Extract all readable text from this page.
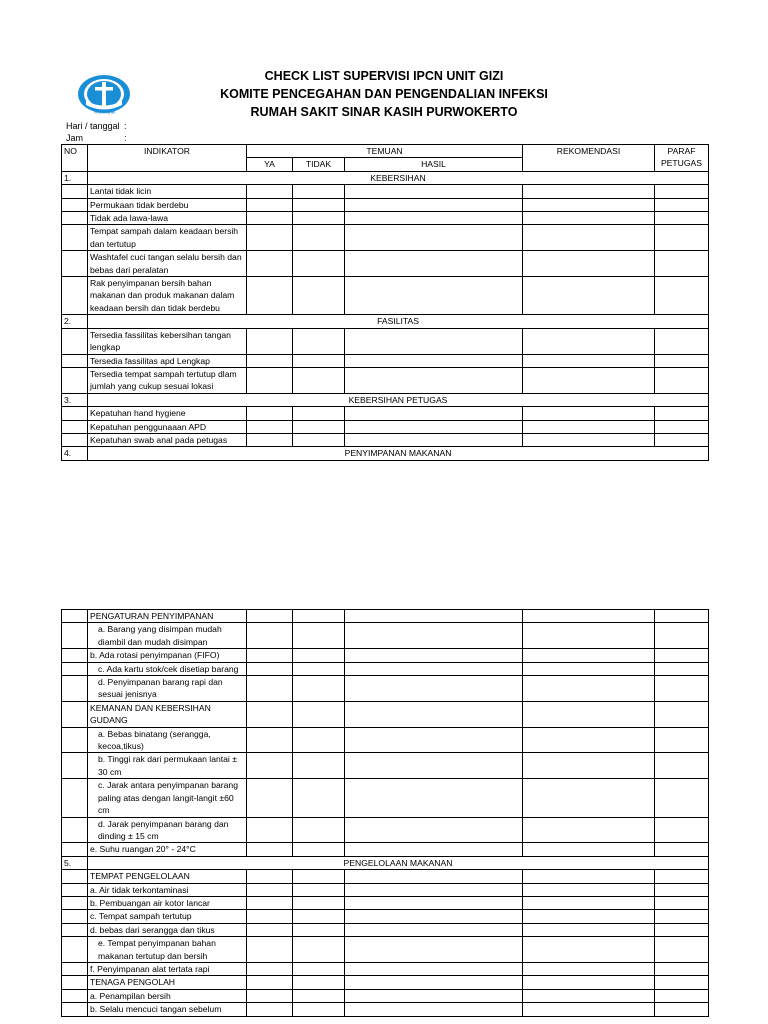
YAKKUM
CHECK LIST SUPERVISI IPCN UNIT GIZI
KOMITE PENCEGAHAN DAN PENGENDALIAN INFEKSI
RUMAH SAKIT SINAR KASIH PURWOKERTO
Hari / tanggal :
Jam	:
NO	INDIKATOR	TEMUAN			REKOMENDASI	PARAF PETUGAS
		YA	TIDAK	HASIL		
1.	KEBERSIHAN					
	Lantai tidak licin					
	Permukaan tidak berdebu					
	Tidak ada lawa-lawa					
	Tempat sampah dalam keadaan bersih dan tertutup					
	Washtafel cuci tangan selalu bersih dan bebas dari peralatan					
	Rak penyimpanan bersih bahan makanan dan produk makanan dalam keadaan bersih dan tidak berdebu					
2.	FASILITAS					
	Tersedia fassilitas kebersihan tangan lengkap					
	Tersedia fassilitas apd Lengkap					
	Tersedia tempat sampah tertutup dlam jumlah yang cukup sesuai lokasi					
3.	KEBERSIHAN PETUGAS					
	Kepatuhan hand hygiene					
	Kepatuhan penggunaaan APD					
	Kepatuhan swab anal pada petugas					
4.	PENYIMPANAN MAKANAN					
	PENGATURAN PENYIMPANAN					
	a. Barang yang disimpan mudah diambil dan mudah disimpan					
	b. Ada rotasi penyimpanan (FIFO)					
	c. Ada kartu stok/cek disetiap barang					
	d. Penyimpanan barang rapi dan sesuai jenisnya					
	KEMANAN DAN KEBERSIHAN GUDANG					
	a. Bebas binatang (serangga, kecoa,tikus)					
	b. Tinggi rak dari permukaan lantai ± 30 cm					
	c. Jarak antara penyimpanan barang paling atas dengan langit-langit ±60 cm					
	d. Jarak penyimpanan barang dan dinding ± 15 cm					
	e. Suhu ruangan 20° - 24°C					
5.	PENGELOLAAN MAKANAN					
	TEMPAT PENGELOLAAN					
	a. Air tidak terkontaminasi					
	b. Pembuangan air kotor lancar					
	c. Tempat sampah tertutup					
	d. bebas dari serangga dan tikus					
	e. Tempat penyimpanan bahan makanan tertutup dan bersih					
	f. Penyimpanan alat tertata rapi					
	TENAGA PENGOLAH					
	a. Penampilan bersih					
	b. Selalu mencuci tangan sebelum					
